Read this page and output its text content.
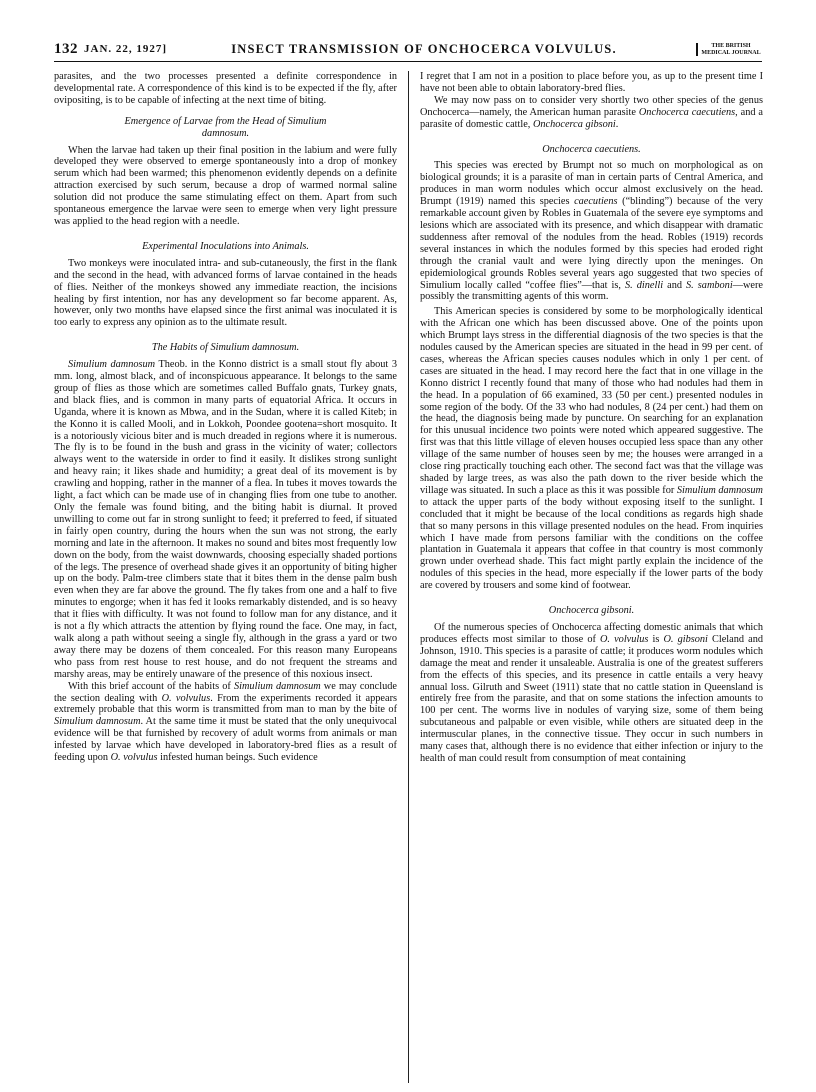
132 JAN. 22, 1927]	INSECT TRANSMISSION OF ONCHOCERCA VOLVULUS.	THE BRITISH
MEDICAL JOURNAL

parasites, and the two processes presented a definite correspondence in developmental rate. A correspondence of this kind is to be expected if the fly, after ovipositing, is to be capable of infecting at the next time of biting.

Emergence of Larvae from the Head of Simulium
damnosum.

When the larvae had taken up their final position in the labium and were fully developed they were observed to emerge spontaneously into a drop of monkey serum which had been warmed; this phenomenon evidently depends on a definite attraction exercised by such serum, because a drop of warmed normal saline solution did not produce the same stimulating effect on them. Apart from such spontaneous emergence the larvae were seen to emerge when very light pressure was applied to the head region with a needle.

Experimental Inoculations into Animals.

Two monkeys were inoculated intra- and sub-cutaneously, the first in the flank and the second in the head, with advanced forms of larvae contained in the heads of flies. Neither of the monkeys showed any immediate reaction, the incisions healing by first intention, nor has any development so far become apparent. As, however, only two months have elapsed since the first animal was inoculated it is too early to express any opinion as to the ultimate result.

The Habits of Simulium damnosum.

Simulium damnosum Theob. in the Konno district is a small stout fly about 3 mm. long, almost black, and of inconspicuous appearance. It belongs to the same group of flies as those which are sometimes called Buffalo gnats, Turkey gnats, and black flies, and is common in many parts of equatorial Africa. It occurs in Uganda, where it is known as Mbwa, and in the Sudan, where it is called Kiteb; in the Konno it is called Mooli, and in Lokkoh, Poondee gootena=short mosquito. It is a notoriously vicious biter and is much dreaded in regions where it is numerous. The fly is to be found in the bush and grass in the vicinity of water; collectors always went to the waterside in order to find it easily. It dislikes strong sunlight and heavy rain; it likes shade and humidity; a great deal of its movement is by crawling and hopping, rather in the manner of a flea. In tubes it moves towards the light, a fact which can be made use of in changing flies from one tube to another. Only the female was found biting, and the biting habit is diurnal. It proved unwilling to come out far in strong sunlight to feed; it preferred to feed, if situated in fairly open country, during the hours when the sun was not strong, the early morning and late in the afternoon. It makes no sound and bites most frequently low down on the body, from the waist downwards, choosing especially shaded portions of the legs. The presence of overhead shade gives it an opportunity of biting higher up on the body. Palm-tree climbers state that it bites them in the dense palm bush even when they are far above the ground. The fly takes from one and a half to five minutes to engorge; when it has fed it looks remarkably distended, and is so heavy that it flies with difficulty. It was not found to follow man for any distance, and it is not a fly which attracts the attention by flying round the face. One may, in fact, walk along a path without seeing a single fly, although in the grass a yard or two away there may be dozens of them concealed. For this reason many Europeans who pass from rest house to rest house, and do not frequent the streams and marshy areas, may be entirely unaware of the presence of this noxious insect.

With this brief account of the habits of Simulium damnosum we may conclude the section dealing with O. volvulus. From the experiments recorded it appears extremely probable that this worm is transmitted from man to man by the bite of Simulium damnosum. At the same time it must be stated that the only unequivocal evidence will be that furnished by recovery of adult worms from animals or man infested by larvae which have developed in laboratory-bred flies as a result of feeding upon O. volvulus infested human beings. Such evidence

I regret that I am not in a position to place before you, as up to the present time I have not been able to obtain laboratory-bred flies.

We may now pass on to consider very shortly two other species of the genus Onchocerca—namely, the American human parasite Onchocerca caecutiens, and a parasite of domestic cattle, Onchocerca gibsoni.

Onchocerca caecutiens.

This species was erected by Brumpt not so much on morphological as on biological grounds; it is a parasite of man in certain parts of Central America, and produces in man worm nodules which occur almost exclusively on the head. Brumpt (1919) named this species caecutiens (“blinding”) because of the very remarkable account given by Robles in Guatemala of the severe eye symptoms and lesions which are associated with its presence, and which disappear with dramatic suddenness after removal of the nodules from the head. Robles (1919) records several instances in which the nodules formed by this species had eroded right through the cranial vault and were lying directly upon the meninges. On epidemiological grounds Robles several years ago suggested that two species of Simulium locally called “coffee flies”—that is, S. dinelli and S. samboni—were possibly the transmitting agents of this worm.

This American species is considered by some to be morphologically identical with the African one which has been discussed above. One of the points upon which Brumpt lays stress in the differential diagnosis of the two species is that the nodules caused by the American species are situated in the head in 99 per cent. of cases, whereas the African species causes nodules which in only 1 per cent. of cases are situated in the head. I may record here the fact that in one village in the Konno district I recently found that many of those who had nodules had them in the head. In a population of 66 examined, 33 (50 per cent.) presented nodules in some region of the body. Of the 33 who had nodules, 8 (24 per cent.) had them on the head, the diagnosis being made by puncture. On searching for an explanation for this unusual incidence two points were noted which appeared suggestive. The first was that this little village of eleven houses occupied less space than any other village of the same number of houses seen by me; the houses were arranged in a close ring practically touching each other. The second fact was that the village was shaded by large trees, as was also the path down to the river beside which the village was situated. In such a place as this it was possible for Simulium damnosum to attack the upper parts of the body without exposing itself to the sunlight. I concluded that it might be because of the local conditions as regards high shade that so many persons in this village presented nodules on the head. From inquiries which I have made from persons familiar with the conditions on the coffee plantation in Guatemala it appears that coffee in that country is most commonly grown under overhead shade. This fact might partly explain the incidence of the nodules of this species in the head, more especially if the lower parts of the body are covered by trousers and some kind of footwear.

Onchocerca gibsoni.

Of the numerous species of Onchocerca affecting domestic animals that which produces effects most similar to those of O. volvulus is O. gibsoni Cleland and Johnson, 1910. This species is a parasite of cattle; it produces worm nodules which damage the meat and render it unsaleable. Australia is one of the greatest sufferers from the effects of this species, and its presence in cattle entails a very heavy annual loss. Gilruth and Sweet (1911) state that no cattle station in Queensland is entirely free from the parasite, and that on some stations the infection amounts to 100 per cent. The worms live in nodules of varying size, some of them being subcutaneous and palpable or even visible, while others are situated deep in the intermuscular planes, in the connective tissue. They occur in such numbers in many cases that, although there is no evidence that either infection or injury to the health of man could result from consumption of meat containing
